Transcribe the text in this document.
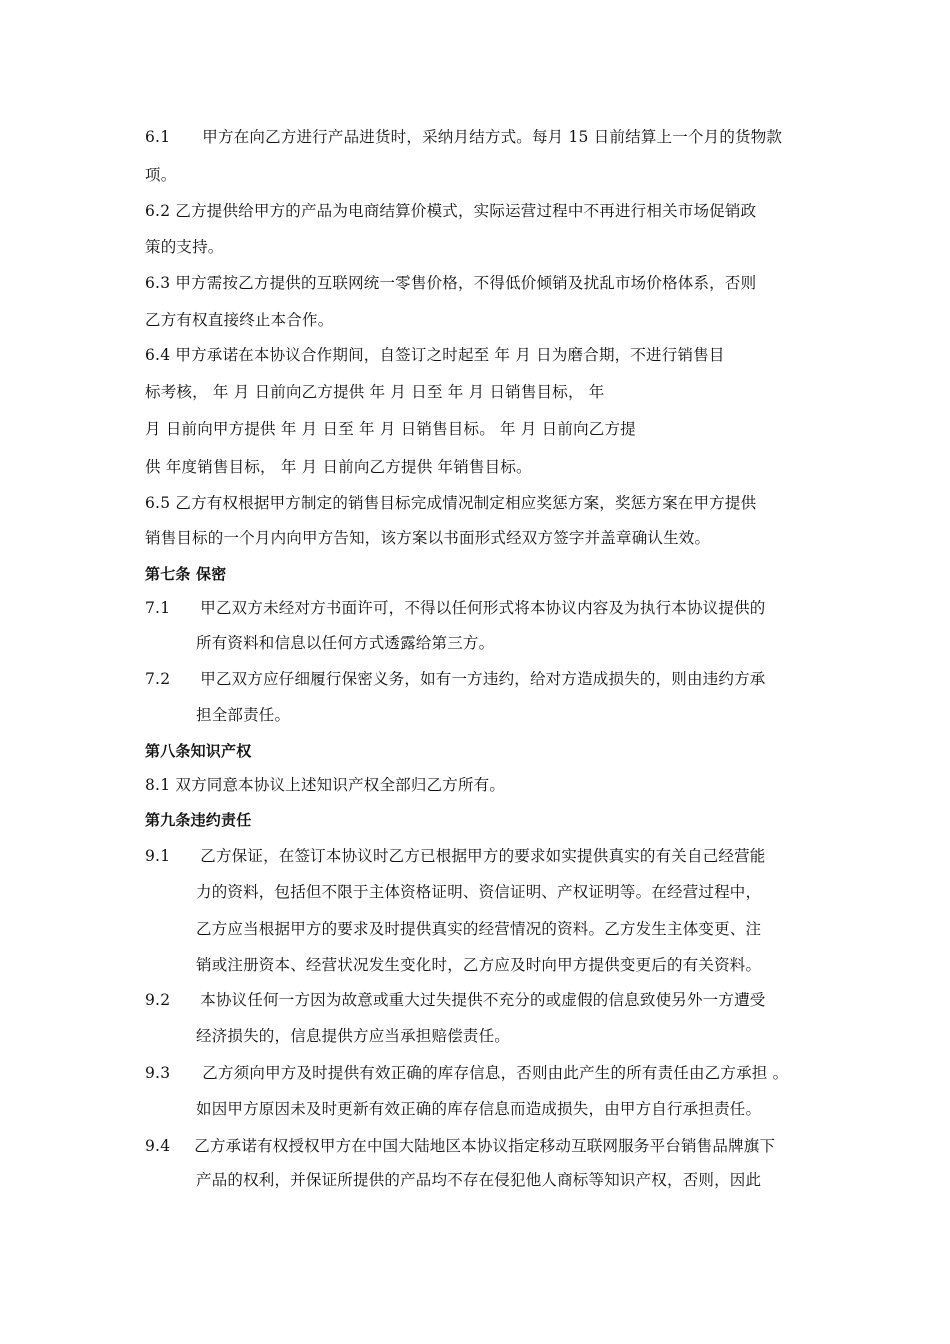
6.1 甲方在向乙方进行产品进货时，采纳月结方式。每月 15 日前结算上一个月的货物款
项。
6.2 乙方提供给甲方的产品为电商结算价模式，实际运营过程中不再进行相关市场促销政
策的支持。
6.3 甲方需按乙方提供的互联网统一零售价格，不得低价倾销及扰乱市场价格体系，否则
乙方有权直接终止本合作。
6.4 甲方承诺在本协议合作期间，自签订之时起至 年 月 日为磨合期，不进行销售目
标考核， 年 月 日前向乙方提供 年 月 日至 年 月 日销售目标， 年
月 日前向甲方提供 年 月 日至 年 月 日销售目标。 年 月 日前向乙方提
供 年度销售目标， 年 月 日前向乙方提供 年销售目标。
6.5 乙方有权根据甲方制定的销售目标完成情况制定相应奖惩方案，奖惩方案在甲方提供
销售目标的一个月内向甲方告知，该方案以书面形式经双方签字并盖章确认生效。
第七条 保密
7.1 甲乙双方未经对方书面许可，不得以任何形式将本协议内容及为执行本协议提供的
所有资料和信息以任何方式透露给第三方。
7.2 甲乙双方应仔细履行保密义务，如有一方违约，给对方造成损失的，则由违约方承
担全部责任。
第八条知识产权
8.1 双方同意本协议上述知识产权全部归乙方所有。
第九条违约责任
9.1 乙方保证，在签订本协议时乙方已根据甲方的要求如实提供真实的有关自己经营能
力的资料，包括但不限于主体资格证明、资信证明、产权证明等。在经营过程中，
乙方应当根据甲方的要求及时提供真实的经营情况的资料。乙方发生主体变更、注
销或注册资本、经营状况发生变化时，乙方应及时向甲方提供变更后的有关资料。
9.2 本协议任何一方因为故意或重大过失提供不充分的或虚假的信息致使另外一方遭受
经济损失的，信息提供方应当承担赔偿责任。
9.3 乙方须向甲方及时提供有效正确的库存信息，否则由此产生的所有责任由乙方承担 。
如因甲方原因未及时更新有效正确的库存信息而造成损失，由甲方自行承担责任。
9.4 乙方承诺有权授权甲方在中国大陆地区本协议指定移动互联网服务平台销售品牌旗下
产品的权利，并保证所提供的产品均不存在侵犯他人商标等知识产权，否则，因此
